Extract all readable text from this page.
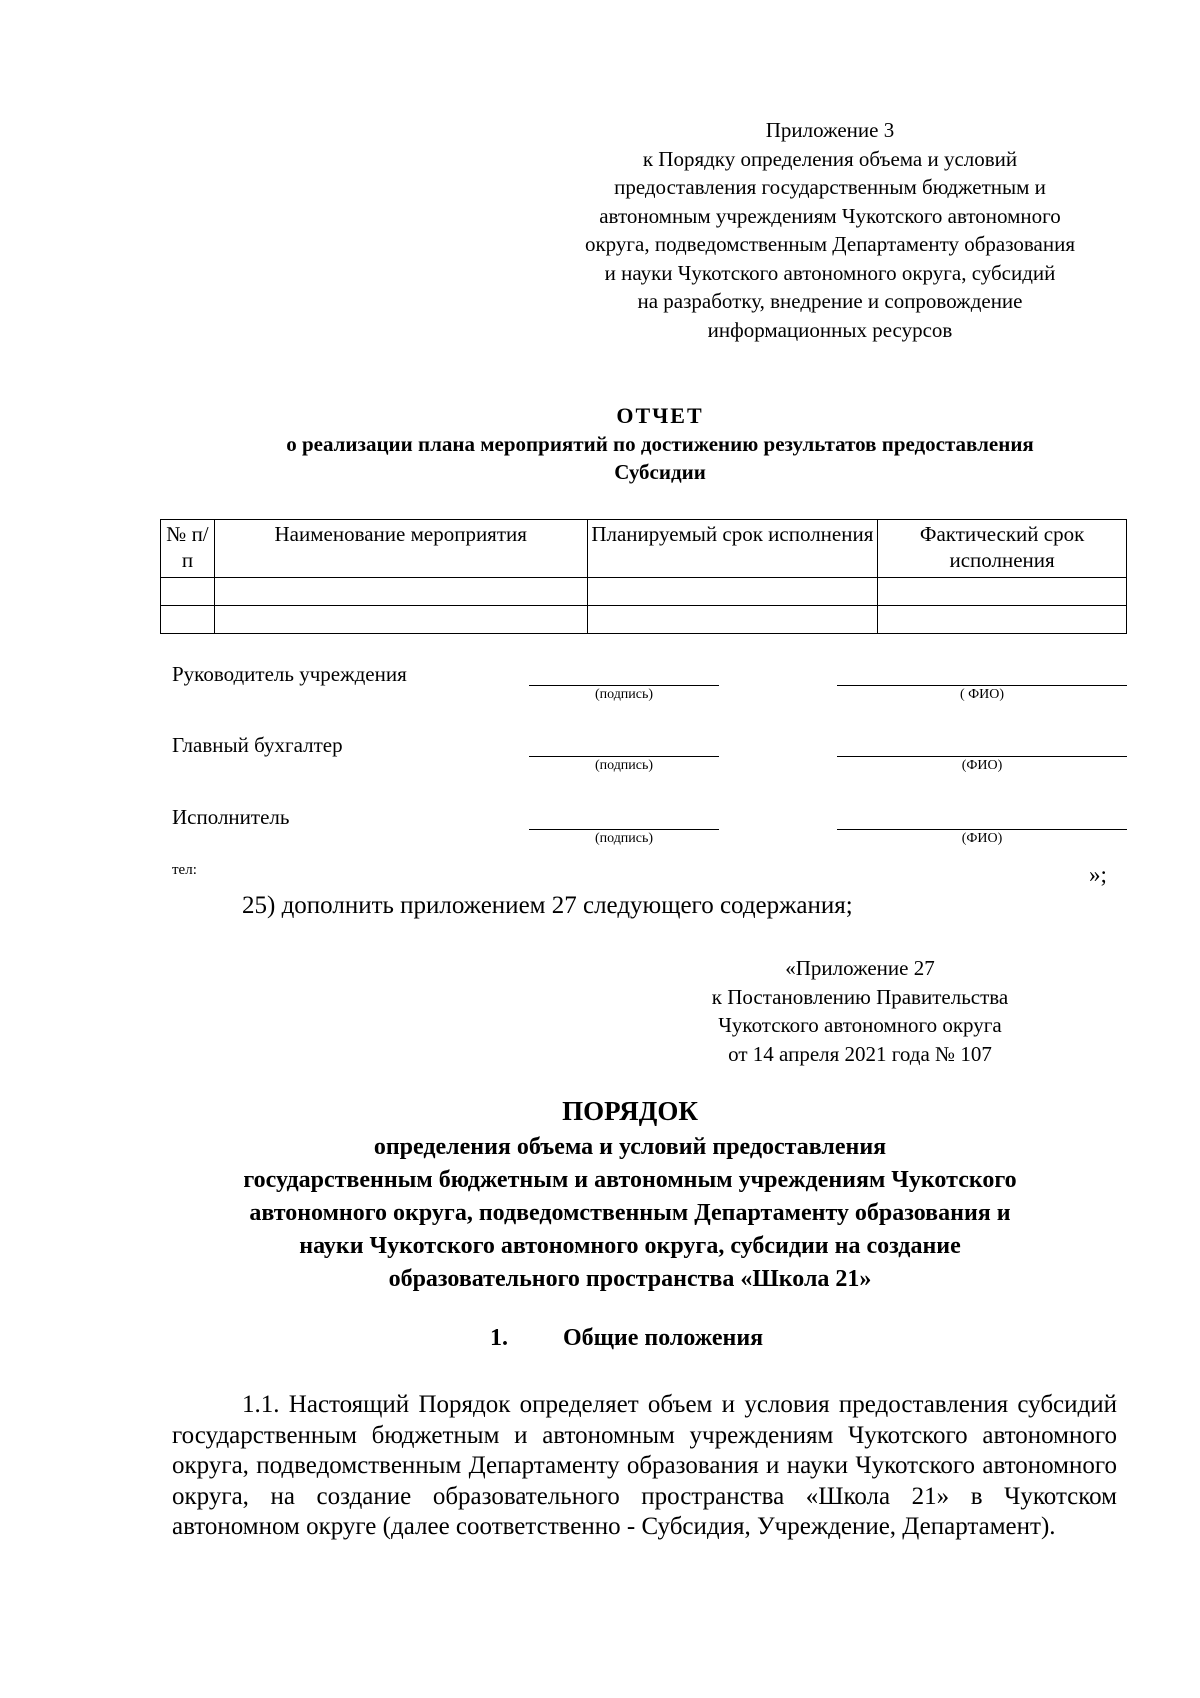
Приложение 3
к Порядку определения объема и условий
предоставления государственным бюджетным и
автономным учреждениям Чукотского автономного
округа, подведомственным Департаменту образования
и науки Чукотского автономного округа, субсидий
на разработку, внедрение и сопровождение
информационных ресурсов
ОТЧЕТ
о реализации плана мероприятий по достижению результатов предоставления
Субсидии
№ п/п	Наименование мероприятия	Планируемый срок исполнения	Фактический срок исполнения

Руководитель учреждения
(подпись)	( ФИО)
Главный бухгалтер
(подпись)	(ФИО)
Исполнитель
(подпись)	(ФИО)
тел:	»;
25) дополнить приложением 27 следующего содержания;
«Приложение 27
к Постановлению Правительства
Чукотского автономного округа
от 14 апреля 2021 года № 107
ПОРЯДОК
определения объема и условий предоставления
государственным бюджетным и автономным учреждениям Чукотского
автономного округа, подведомственным Департаменту образования и
науки Чукотского автономного округа, субсидии на создание
образовательного пространства «Школа 21»
1. Общие положения
1.1. Настоящий Порядок определяет объем и условия предоставления субсидий государственным бюджетным и автономным учреждениям Чукотского автономного округа, подведомственным Департаменту образования и науки Чукотского автономного округа, на создание образовательного пространства «Школа 21» в Чукотском автономном округе (далее соответственно - Субсидия, Учреждение, Департамент).
